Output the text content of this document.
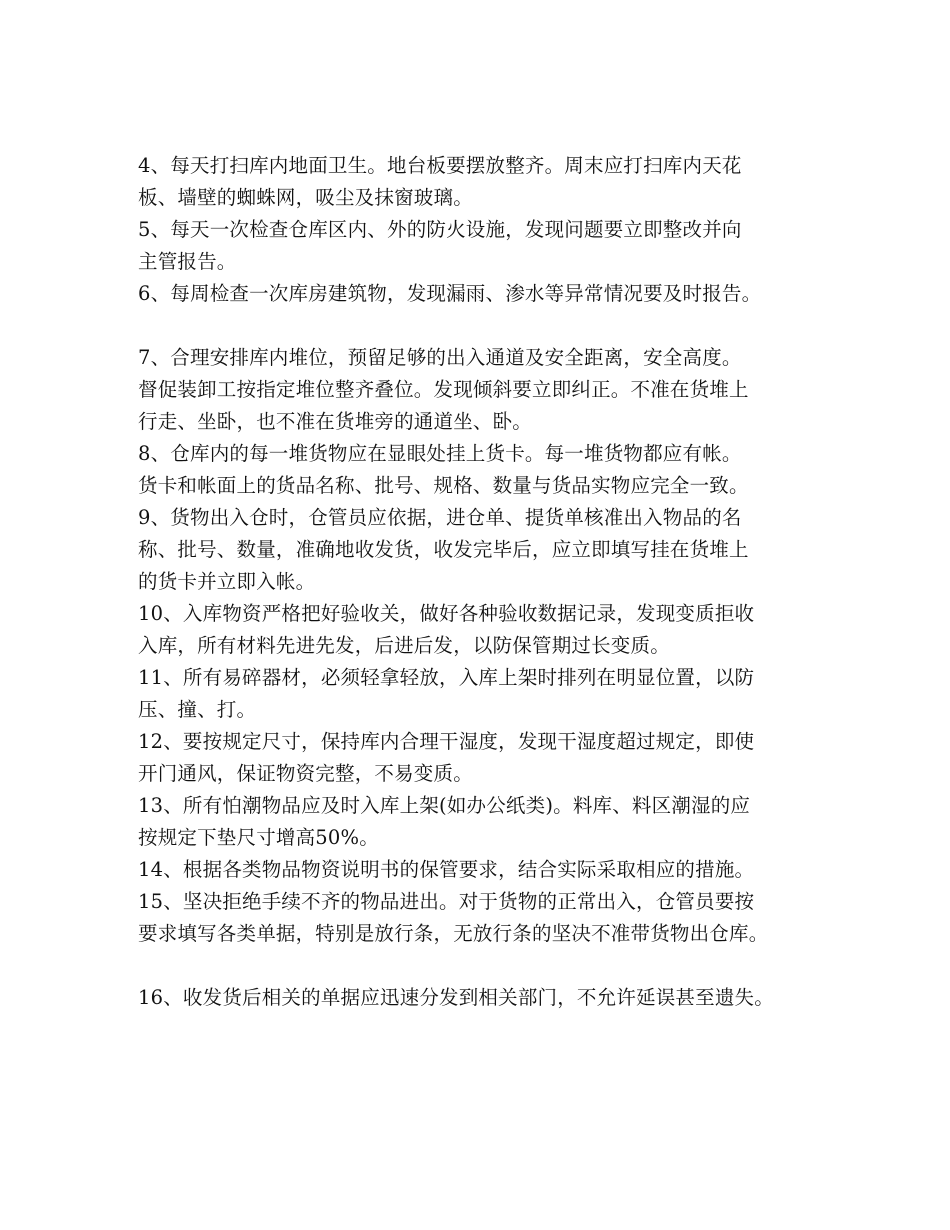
4、每天打扫库内地面卫生。地台板要摆放整齐。周末应打扫库内天花
板、墙壁的蜘蛛网，吸尘及抹窗玻璃。

5、每天一次检查仓库区内、外的防火设施，发现问题要立即整改并向
主管报告。

6、每周检查一次库房建筑物，发现漏雨、渗水等异常情况要及时报告。

7、合理安排库内堆位，预留足够的出入通道及安全距离，安全高度。
督促装卸工按指定堆位整齐叠位。发现倾斜要立即纠正。不准在货堆上
行走、坐卧，也不准在货堆旁的通道坐、卧。

8、仓库内的每一堆货物应在显眼处挂上货卡。每一堆货物都应有帐。
货卡和帐面上的货品名称、批号、规格、数量与货品实物应完全一致。

9、货物出入仓时，仓管员应依据，进仓单、提货单核准出入物品的名
称、批号、数量，准确地收发货，收发完毕后，应立即填写挂在货堆上
的货卡并立即入帐。

10、入库物资严格把好验收关，做好各种验收数据记录，发现变质拒收
入库，所有材料先进先发，后进后发，以防保管期过长变质。

11、所有易碎器材，必须轻拿轻放，入库上架时排列在明显位置，以防
压、撞、打。

12、要按规定尺寸，保持库内合理干湿度，发现干湿度超过规定，即使
开门通风，保证物资完整，不易变质。

13、所有怕潮物品应及时入库上架(如办公纸类)。料库、料区潮湿的应
按规定下垫尺寸增高50%。

14、根据各类物品物资说明书的保管要求，结合实际采取相应的措施。

15、坚决拒绝手续不齐的物品进出。对于货物的正常出入，仓管员要按
要求填写各类单据，特别是放行条，无放行条的坚决不准带货物出仓库。

16、收发货后相关的单据应迅速分发到相关部门，不允许延误甚至遗失。
